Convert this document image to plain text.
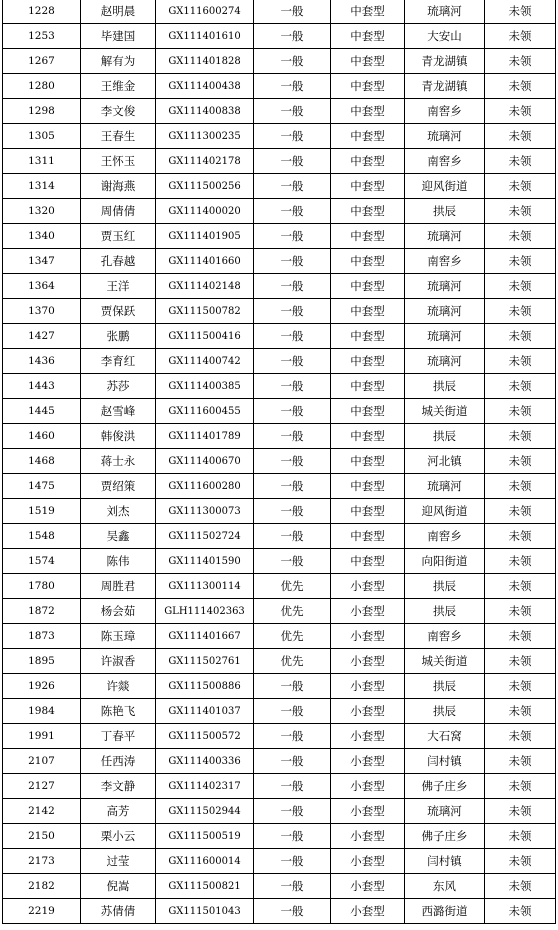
1228	赵明晨	GX111600274	一般	中套型	琉璃河	未领
1253	毕建国	GX111401610	一般	中套型	大安山	未领
1267	解有为	GX111401828	一般	中套型	青龙湖镇	未领
1280	王维金	GX111400438	一般	中套型	青龙湖镇	未领
1298	李文俊	GX111400838	一般	中套型	南窖乡	未领
1305	王春生	GX111300235	一般	中套型	琉璃河	未领
1311	王怀玉	GX111402178	一般	中套型	南窖乡	未领
1314	谢海燕	GX111500256	一般	中套型	迎风街道	未领
1320	周倩倩	GX111400020	一般	中套型	拱辰	未领
1340	贾玉红	GX111401905	一般	中套型	琉璃河	未领
1347	孔春越	GX111401660	一般	中套型	南窖乡	未领
1364	王洋	GX111402148	一般	中套型	琉璃河	未领
1370	贾保跃	GX111500782	一般	中套型	琉璃河	未领
1427	张鹏	GX111500416	一般	中套型	琉璃河	未领
1436	李育红	GX111400742	一般	中套型	琉璃河	未领
1443	苏莎	GX111400385	一般	中套型	拱辰	未领
1445	赵雪峰	GX111600455	一般	中套型	城关街道	未领
1460	韩俊洪	GX111401789	一般	中套型	拱辰	未领
1468	蒋士永	GX111400670	一般	中套型	河北镇	未领
1475	贾绍策	GX111600280	一般	中套型	琉璃河	未领
1519	刘杰	GX111300073	一般	中套型	迎风街道	未领
1548	吴鑫	GX111502724	一般	中套型	南窖乡	未领
1574	陈伟	GX111401590	一般	中套型	向阳街道	未领
1780	周胜君	GX111300114	优先	小套型	拱辰	未领
1872	杨会茹	GLH111402363	优先	小套型	拱辰	未领
1873	陈玉璋	GX111401667	优先	小套型	南窖乡	未领
1895	许淑香	GX111502761	优先	小套型	城关街道	未领
1926	许燚	GX111500886	一般	小套型	拱辰	未领
1984	陈艳飞	GX111401037	一般	小套型	拱辰	未领
1991	丁春平	GX111500572	一般	小套型	大石窝	未领
2107	任西涛	GX111400336	一般	小套型	闫村镇	未领
2127	李文静	GX111402317	一般	小套型	佛子庄乡	未领
2142	高芳	GX111502944	一般	小套型	琉璃河	未领
2150	栗小云	GX111500519	一般	小套型	佛子庄乡	未领
2173	过莹	GX111600014	一般	小套型	闫村镇	未领
2182	倪嵩	GX111500821	一般	小套型	东风	未领
2219	苏倩倩	GX111501043	一般	小套型	西潞街道	未领
